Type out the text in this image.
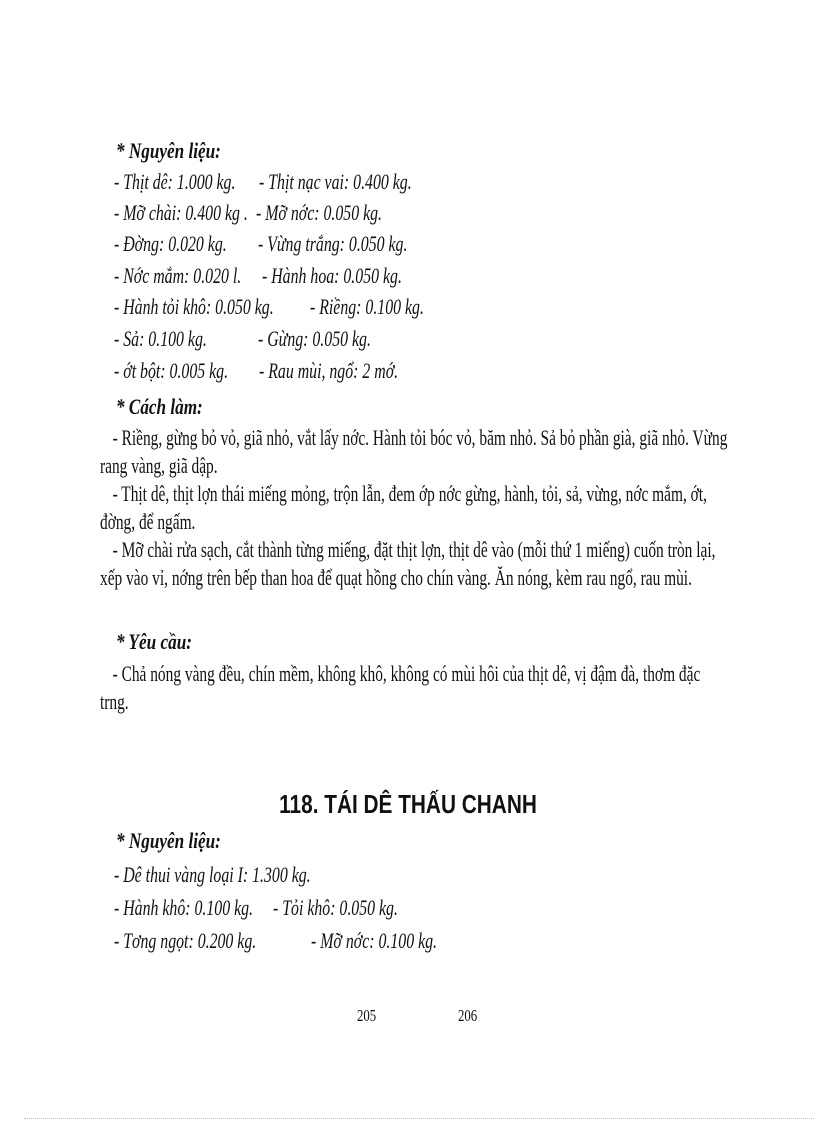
* Nguyên liệu:
- Thịt dê: 1.000 kg. - Thịt nạc vai: 0.400 kg.
- Mỡ chài: 0.400 kg . - Mỡ nớc: 0.050 kg.
- Đờng: 0.020 kg. - Vừng trắng: 0.050 kg.
- Nớc mắm: 0.020 l. - Hành hoa: 0.050 kg.
- Hành tỏi khô: 0.050 kg. - Riềng: 0.100 kg.
- Sả: 0.100 kg. - Gừng: 0.050 kg.
- ớt bột: 0.005 kg. - Rau mùi, ngổ: 2 mớ.
* Cách làm:

- Riềng, gừng bỏ vỏ, giã nhỏ, vắt lấy nớc. Hành tỏi bóc vỏ, băm nhỏ. Sả bỏ phần già, giã nhỏ. Vừng rang vàng, giã dập.

- Thịt dê, thịt lợn thái miếng mỏng, trộn lẫn, đem ớp nớc gừng, hành, tỏi, sả, vừng, nớc mắm, ớt, đờng, để ngấm.

- Mỡ chài rửa sạch, cắt thành từng miếng, đặt thịt lợn, thịt dê vào (mỗi thứ 1 miếng) cuốn tròn lại, xếp vào vỉ, nớng trên bếp than hoa để quạt hồng cho chín vàng. Ăn nóng, kèm rau ngổ, rau mùi.

* Yêu cầu:

- Chả nóng vàng đều, chín mềm, không khô, không có mùi hôi của thịt dê, vị đậm đà, thơm đặc trng.

118. TÁI DÊ THẤU CHANH
* Nguyên liệu:
- Dê thui vàng loại I: 1.300 kg.
- Hành khô: 0.100 kg. - Tỏi khô: 0.050 kg.
- Tơng ngọt: 0.200 kg. - Mỡ nớc: 0.100 kg.
205	206
